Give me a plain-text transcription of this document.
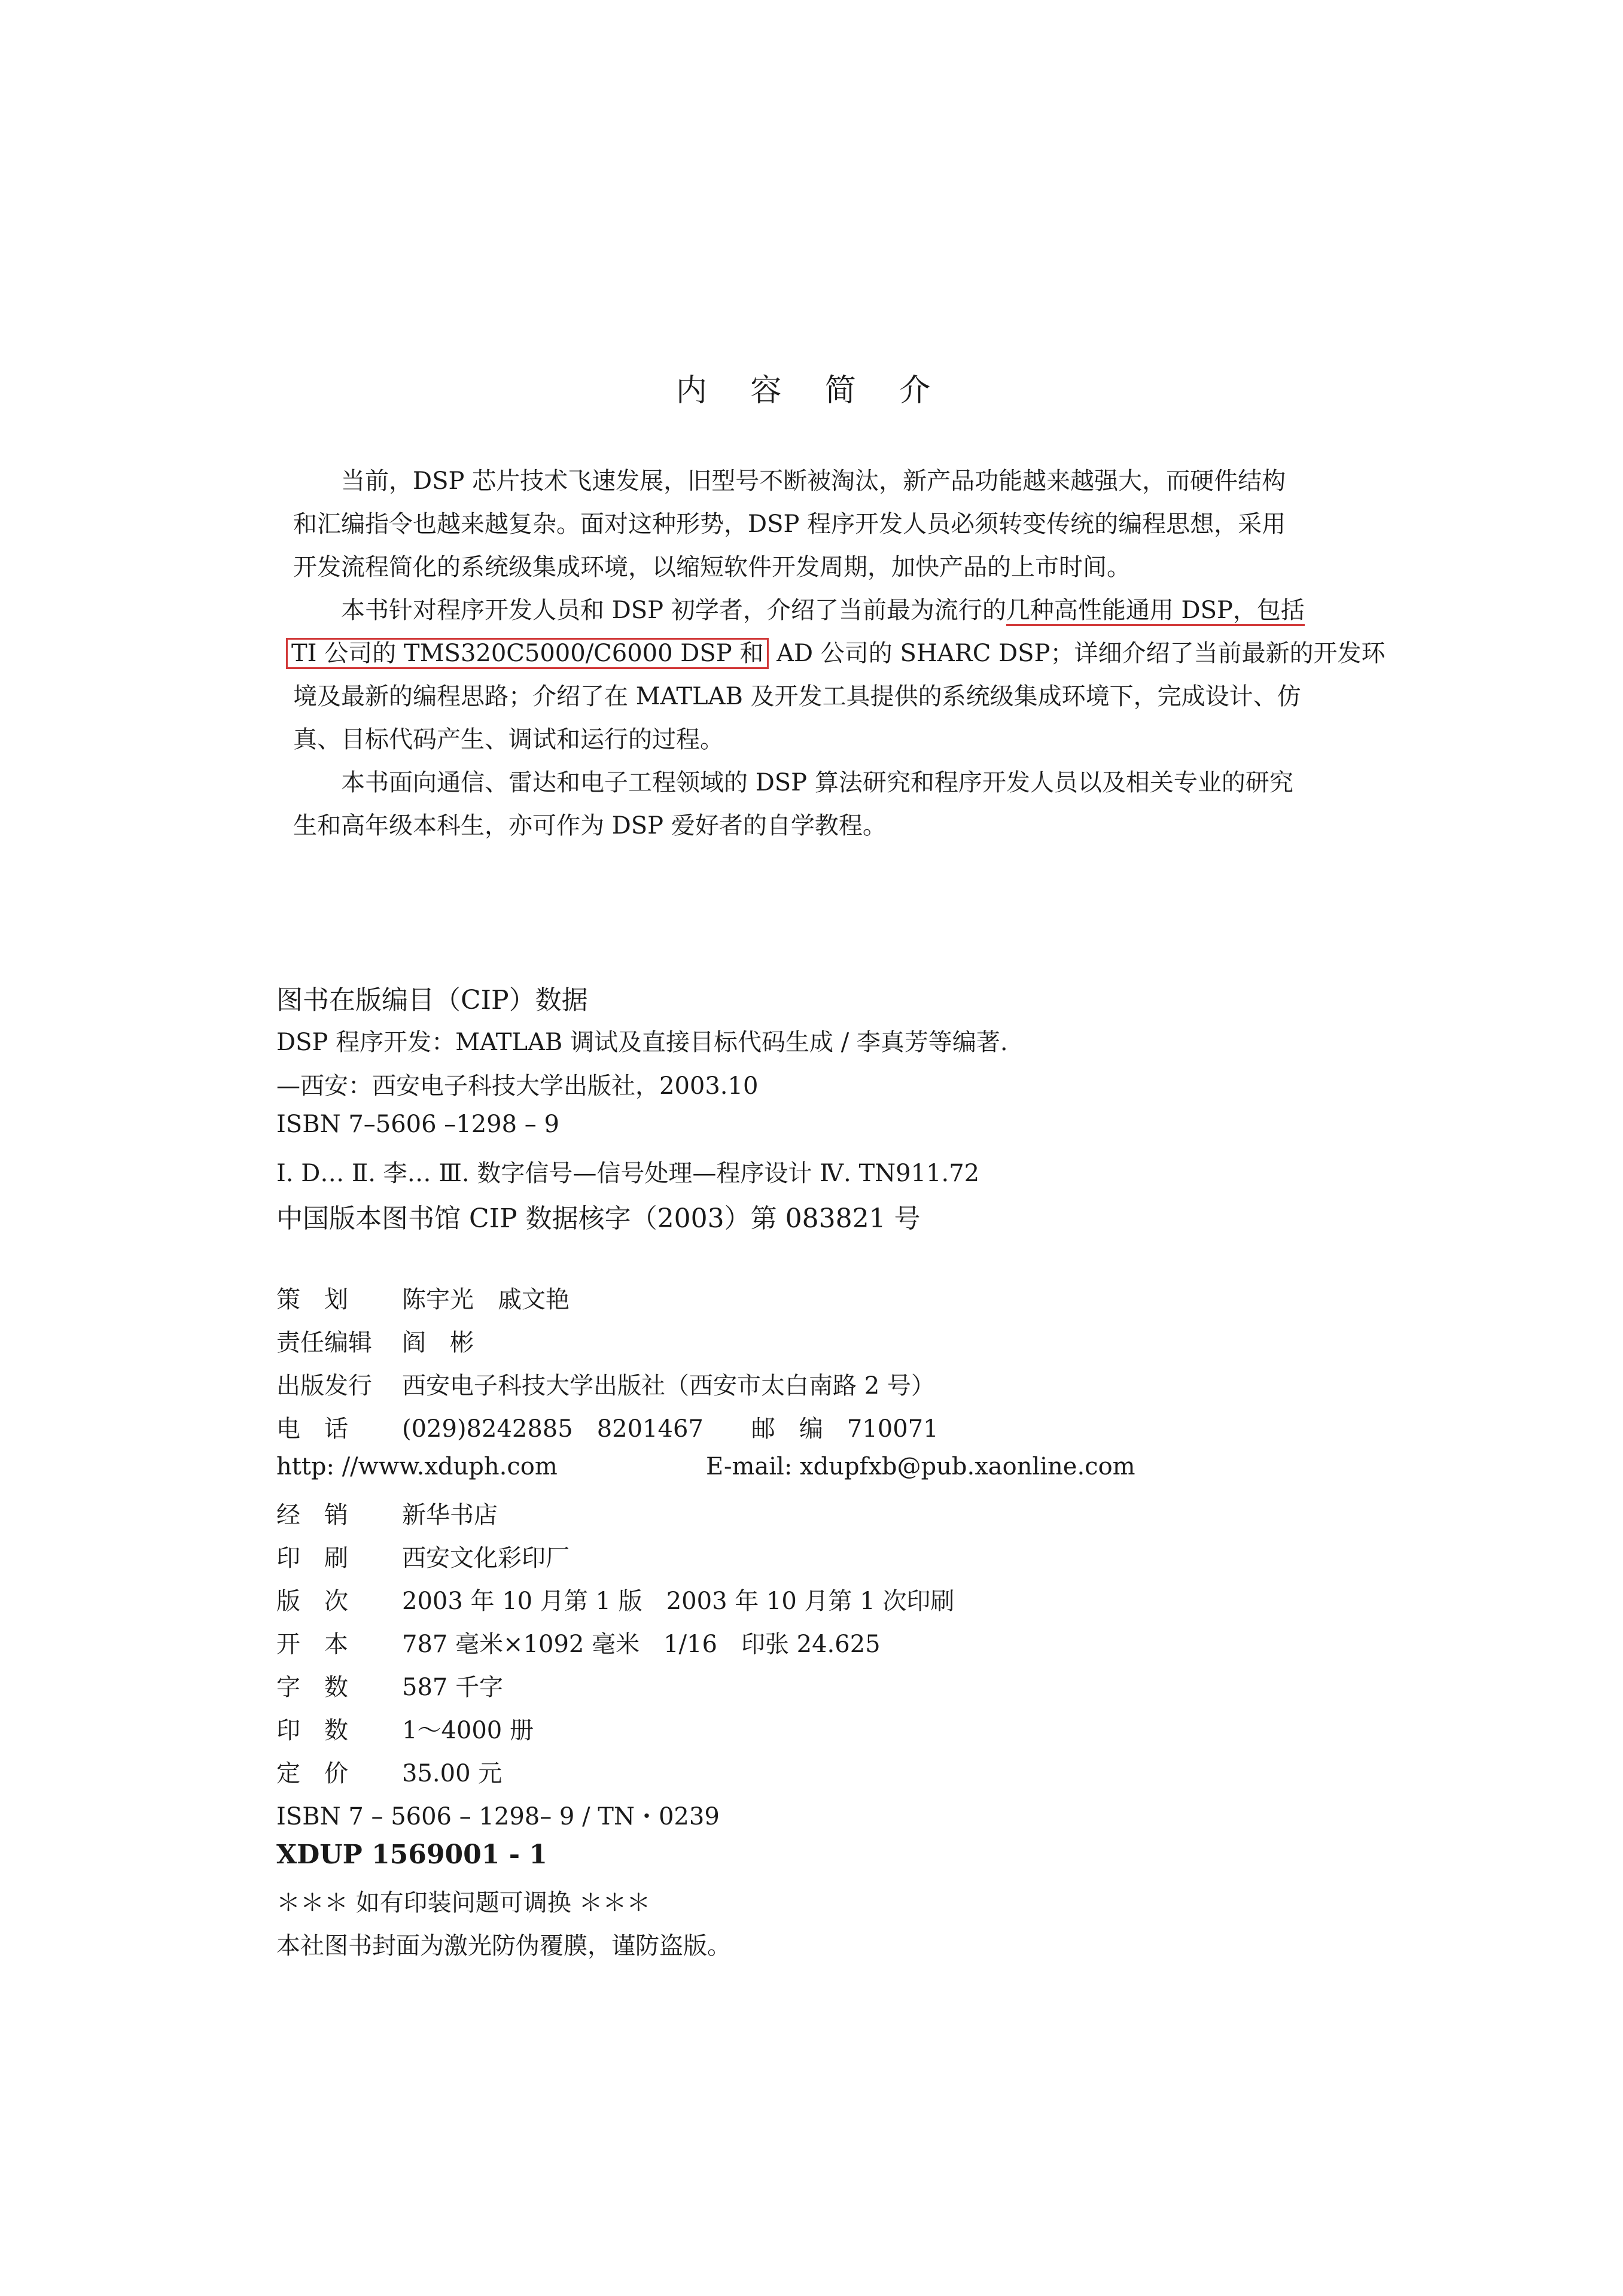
内 容 简 介
当前，DSP 芯片技术飞速发展，旧型号不断被淘汰，新产品功能越来越强大，而硬件结构
和汇编指令也越来越复杂。面对这种形势，DSP 程序开发人员必须转变传统的编程思想，采用
开发流程简化的系统级集成环境，以缩短软件开发周期，加快产品的上市时间。
本书针对程序开发人员和 DSP 初学者，介绍了当前最为流行的几种高性能通用 DSP，包括
TI 公司的 TMS320C5000/C6000 DSP 和 AD 公司的 SHARC DSP；详细介绍了当前最新的开发环
境及最新的编程思路；介绍了在 MATLAB 及开发工具提供的系统级集成环境下，完成设计、仿
真、目标代码产生、调试和运行的过程。
本书面向通信、雷达和电子工程领域的 DSP 算法研究和程序开发人员以及相关专业的研究
生和高年级本科生，亦可作为 DSP 爱好者的自学教程。
图书在版编目（CIP）数据
DSP 程序开发：MATLAB 调试及直接目标代码生成 / 李真芳等编著.
—西安：西安电子科技大学出版社，2003.10
ISBN 7–5606 –1298 – 9
Ⅰ. D… Ⅱ. 李… Ⅲ. 数字信号—信号处理—程序设计 Ⅳ. TN911.72
中国版本图书馆 CIP 数据核字（2003）第 083821 号
策　划 陈宇光　戚文艳
责任编辑 阎　彬
出版发行 西安电子科技大学出版社（西安市太白南路 2 号）
电　话 (029)8242885　8201467　　邮　编　710071
http: //www.xduph.com	E-mail: xdupfxb@pub.xaonline.com
经　销 新华书店
印　刷 西安文化彩印厂
版　次 2003 年 10 月第 1 版　2003 年 10 月第 1 次印刷
开　本 787 毫米×1092 毫米　1/16　印张 24.625
字　数 587 千字
印　数 1～4000 册
定　价 35.00 元
ISBN 7 – 5606 – 1298– 9 / TN・0239
XDUP 1569001 - 1
＊＊＊ 如有印装问题可调换 ＊＊＊
本社图书封面为激光防伪覆膜，谨防盗版。
